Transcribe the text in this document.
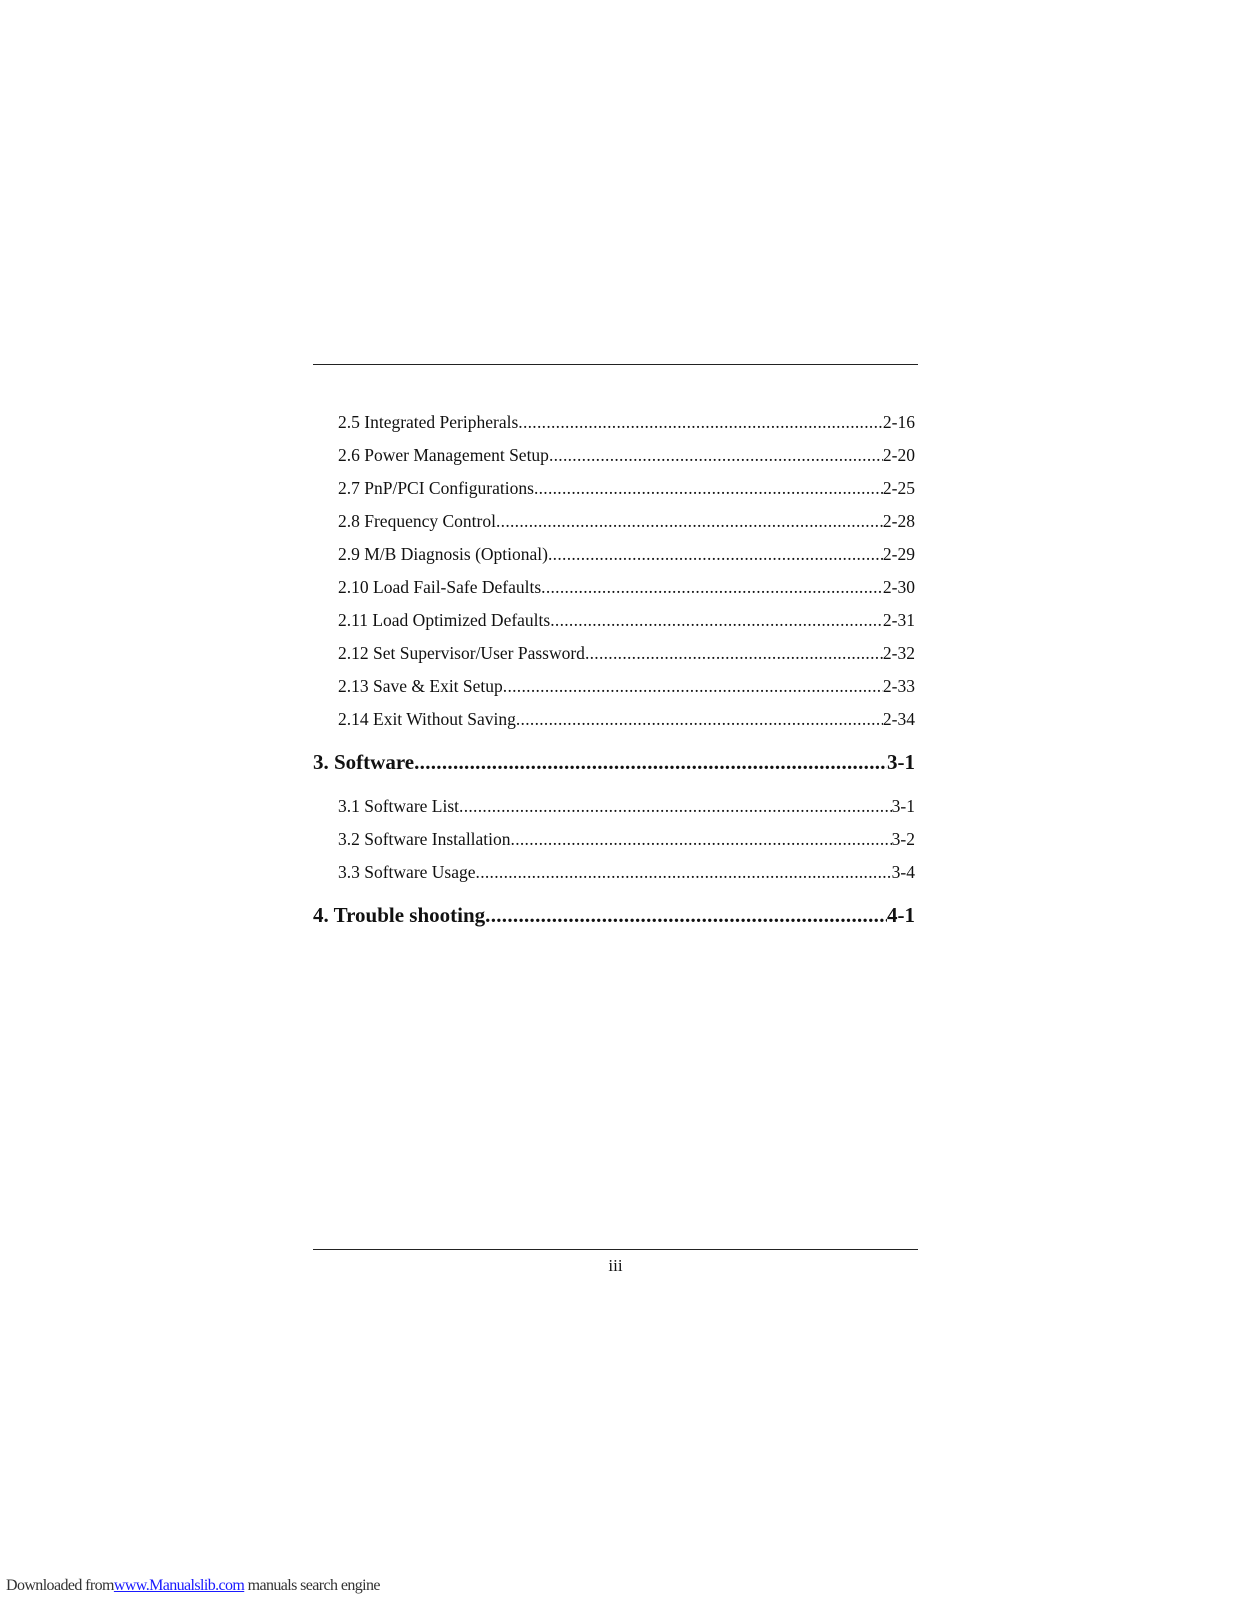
2.5 Integrated Peripherals .....	2-16
2.6 Power Management Setup .....	2-20
2.7 PnP/PCI Configurations .....	2-25
2.8 Frequency Control .....	2-28
2.9 M/B Diagnosis (Optional) .....	2-29
2.10 Load Fail-Safe Defaults .....	2-30
2.11 Load Optimized Defaults .....	2-31
2.12 Set Supervisor/User Password .....	2-32
2.13 Save & Exit Setup .....	2-33
2.14 Exit Without Saving .....	2-34
3. Software .....	3-1
3.1 Software List .....	3-1
3.2 Software Installation .....	3-2
3.3 Software Usage .....	3-4
4. Trouble shooting .....	4-1
iii
Downloaded fromwww.Manualslib.com manuals search engine
